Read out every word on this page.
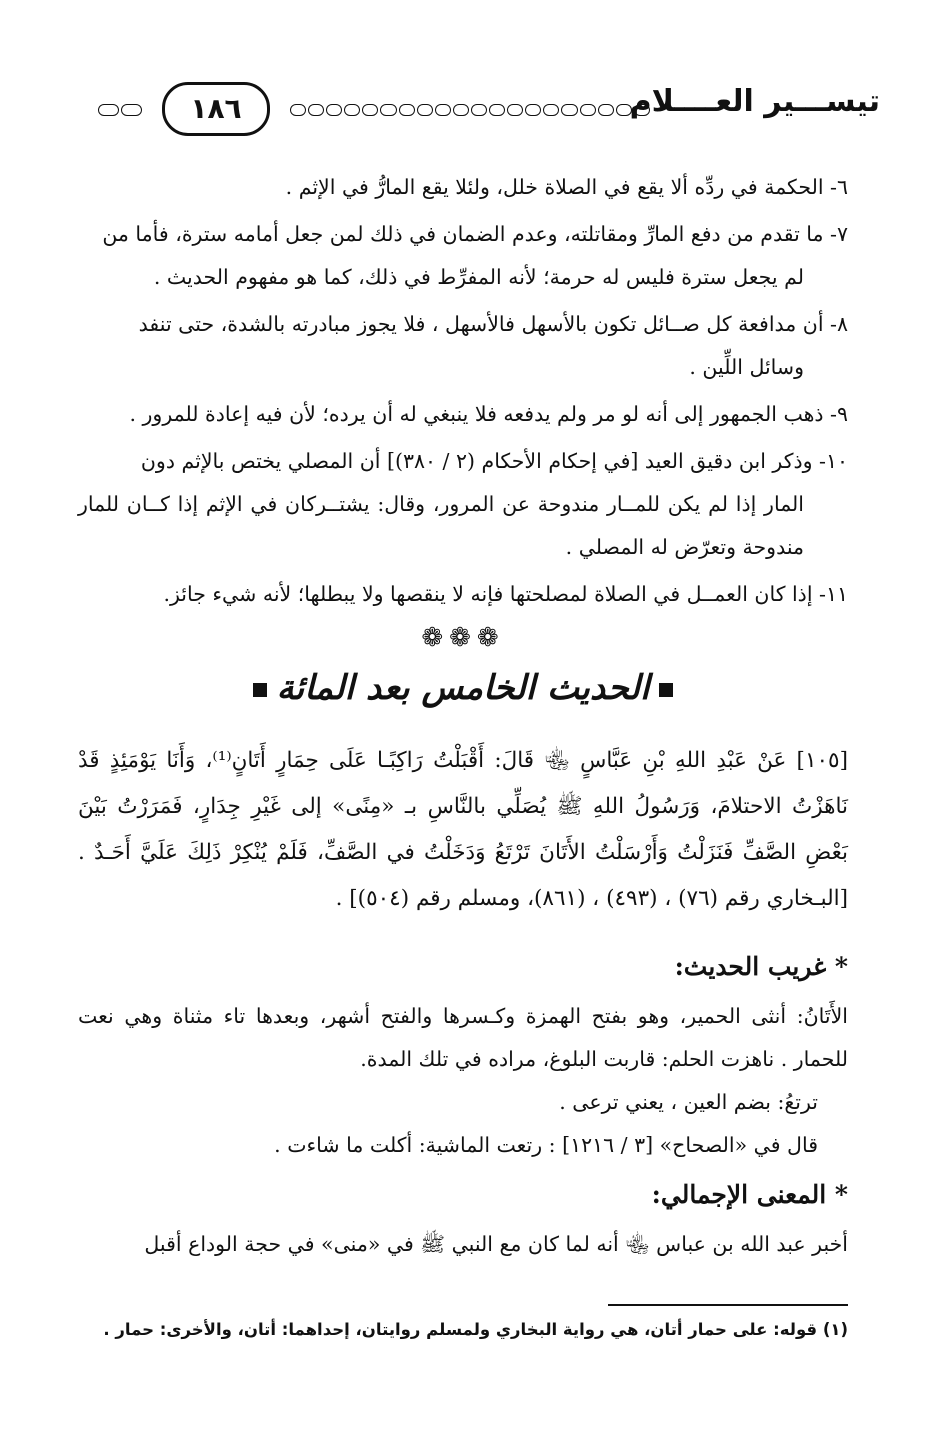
تيســـير العــــلام
١٨٦

٦- الحكمة في ردِّه ألا يقع في الصلاة خلل، ولئلا يقع المارُّ في الإثم .

٧- ما تقدم من دفع المارِّ ومقاتلته، وعدم الضمان في ذلك لمن جعل أمامه سترة، فأما من
لم يجعل سترة فليس له حرمة؛ لأنه المفرِّط في ذلك، كما هو مفهوم الحديث .

٨- أن مدافعة كل صــائل تكون بالأسهل فالأسهل ، فلا يجوز مبادرته بالشدة، حتى تنفد
وسائل اللِّين .

٩- ذهب الجمهور إلى أنه لو مر ولم يدفعه فلا ينبغي له أن يرده؛ لأن فيه إعادة للمرور .

١٠- وذكر ابن دقيق العيد [في إحكام الأحكام (٢ / ٣٨٠)] أن المصلي يختص بالإثم دون
المار إذا لم يكن للمــار مندوحة عن المرور، وقال: يشتــركان في الإثم إذا كــان للمار مندوحة وتعرّض له المصلي .

١١- إذا كان العمــل في الصلاة لمصلحتها فإنه لا ينقصها ولا يبطلها؛ لأنه شيء جائز.

❁❁❁
الحديث الخامس بعد المائة

[١٠٥] عَنْ عَبْدِ اللهِ بْنِ عَبَّاسٍ ﵄ قَالَ: أَقْبَلْتُ رَاكِبًـا عَلَى حِمَارٍ أَتَانٍ⁽¹⁾، وَأَنَا يَوْمَئِذٍ قَدْ نَاهَزْتُ الاحتلامَ، وَرَسُولُ اللهِ ﷺ يُصَلِّي بالنَّاسِ بـ «مِنًى» إلى غَيْرِ جِدَارٍ، فَمَرَرْتُ بَيْنَ بَعْضِ الصَّفِّ فَنَزَلْتُ وَأَرْسَلْتُ الأَتَانَ تَرْتَعُ وَدَخَلْتُ في الصَّفِّ، فَلَمْ يُنْكِرْ ذَلِكَ عَلَيَّ أَحَـدٌ . [البـخاري رقم (٧٦) ، (٤٩٣) ، (٨٦١)، ومسلم رقم (٥٠٤)] .

* غريب الحديث:

الأَتَانُ: أنثى الحمير، وهو بفتح الهمزة وكـسرها والفتح أشهر، وبعدها تاء مثناة وهي نعت للحمار . ناهزت الحلم: قاربت البلوغ، مراده في تلك المدة.

ترتعُ: بضم العين ، يعني ترعى .

قال في «الصحاح» [٣ / ١٢١٦] : رتعت الماشية: أكلت ما شاءت .

* المعنى الإجمالي:

أخبر عبد الله بن عباس ﵄ أنه لما كان مع النبي ﷺ في «منى» في حجة الوداع أقبل

(١) قوله: على حمار أتان، هي رواية البخاري ولمسلم روايتان، إحداهما: أتان، والأخرى: حمار .
